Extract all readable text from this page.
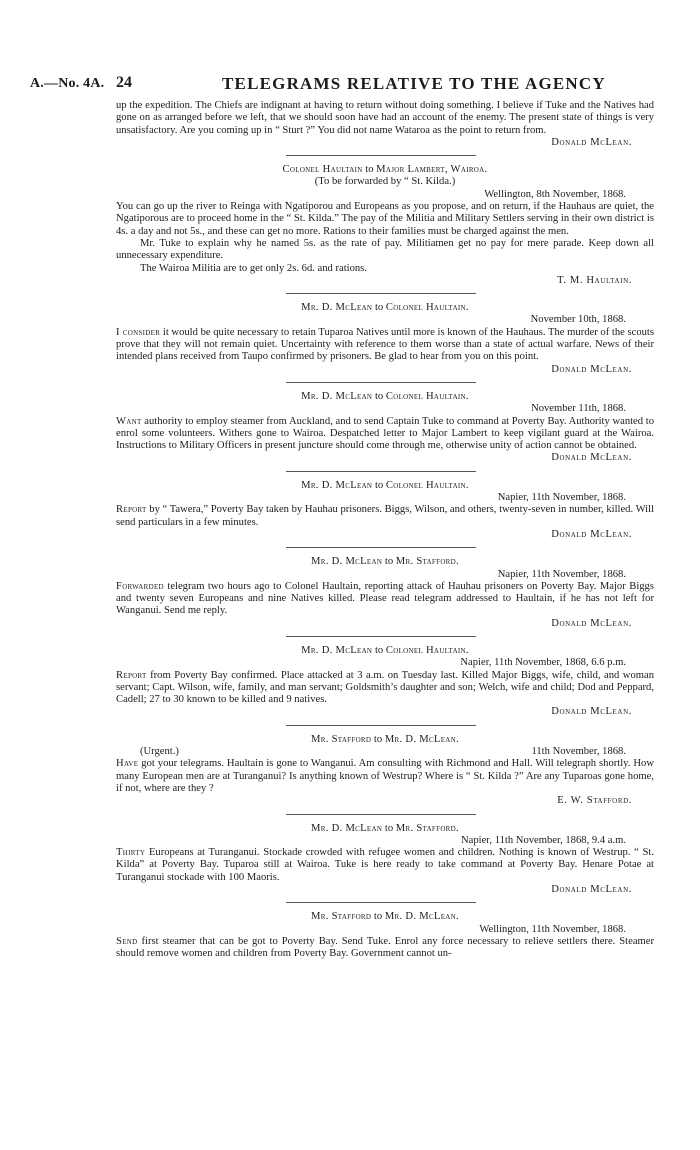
A.—No. 4A. 24	TELEGRAMS RELATIVE TO THE AGENCY

up the expedition. The Chiefs are indignant at having to return without doing something. I believe if Tuke and the Natives had gone on as arranged before we left, that we should soon have had an account of the enemy. The present state of things is very unsatisfactory. Are you coming up in “ Sturt ?” You did not name Wataroa as the point to return from.

Donald McLean.

Colonel Haultain to Major Lambert, Wairoa.

(To be forwarded by “ St. Kilda.)

Wellington, 8th November, 1868.

You can go up the river to Reinga with Ngatiporou and Europeans as you propose, and on return, if the Hauhaus are quiet, the Ngatiporous are to proceed home in the “ St. Kilda.” The pay of the Militia and Military Settlers serving in their own district is 4s. a day and not 5s., and these can get no more. Rations to their families must be charged against the men.

Mr. Tuke to explain why he named 5s. as the rate of pay. Militiamen get no pay for mere parade. Keep down all unnecessary expenditure.

The Wairoa Militia are to get only 2s. 6d. and rations.

T. M. Haultain.

Mr. D. McLean to Colonel Haultain.

November 10th, 1868.

I consider it would be quite necessary to retain Tuparoa Natives until more is known of the Hauhaus. The murder of the scouts prove that they will not remain quiet. Uncertainty with reference to them worse than a state of actual warfare. News of their intended plans received from Taupo confirmed by prisoners. Be glad to hear from you on this point.

Donald McLean.

Mr. D. McLean to Colonel Haultain.

November 11th, 1868.

Want authority to employ steamer from Auckland, and to send Captain Tuke to command at Poverty Bay. Authority wanted to enrol some volunteers. Withers gone to Wairoa. Despatched letter to Major Lambert to keep vigilant guard at the Wairoa. Instructions to Military Officers in present juncture should come through me, otherwise unity of action cannot be obtained.

Donald McLean.

Mr. D. McLean to Colonel Haultain.

Napier, 11th November, 1868.

Report by “ Tawera,” Poverty Bay taken by Hauhau prisoners. Biggs, Wilson, and others, twenty-seven in number, killed. Will send particulars in a few minutes.

Donald McLean.

Mr. D. McLean to Mr. Stafford.

Napier, 11th November, 1868.

Forwarded telegram two hours ago to Colonel Haultain, reporting attack of Hauhau prisoners on Poverty Bay. Major Biggs and twenty seven Europeans and nine Natives killed. Please read telegram addressed to Haultain, if he has not left for Wanganui. Send me reply.

Donald McLean.

Mr. D. McLean to Colonel Haultain.

Napier, 11th November, 1868, 6.6 p.m.

Report from Poverty Bay confirmed. Place attacked at 3 a.m. on Tuesday last. Killed Major Biggs, wife, child, and woman servant; Capt. Wilson, wife, family, and man servant; Goldsmith’s daughter and son; Welch, wife and child; Dod and Peppard, Cadell; 27 to 30 known to be killed and 9 natives.

Donald McLean.

Mr. Stafford to Mr. D. McLean.

(Urgent.)	11th November, 1868.

Have got your telegrams. Haultain is gone to Wanganui. Am consulting with Richmond and Hall. Will telegraph shortly. How many European men are at Turanganui? Is anything known of Westrup? Where is “ St. Kilda ?” Are any Tuparoas gone home, if not, where are they ?

E. W. Stafford.

Mr. D. McLean to Mr. Stafford.

Napier, 11th November, 1868, 9.4 a.m.

Thirty Europeans at Turanganui. Stockade crowded with refugee women and children. Nothing is known of Westrup. “ St. Kilda” at Poverty Bay. Tuparoa still at Wairoa. Tuke is here ready to take command at Poverty Bay. Henare Potae at Turanganui stockade with 100 Maoris.

Donald McLean.

Mr. Stafford to Mr. D. McLean.

Wellington, 11th November, 1868.

Send first steamer that can be got to Poverty Bay. Send Tuke. Enrol any force necessary to relieve settlers there. Steamer should remove women and children from Poverty Bay. Government cannot un-
